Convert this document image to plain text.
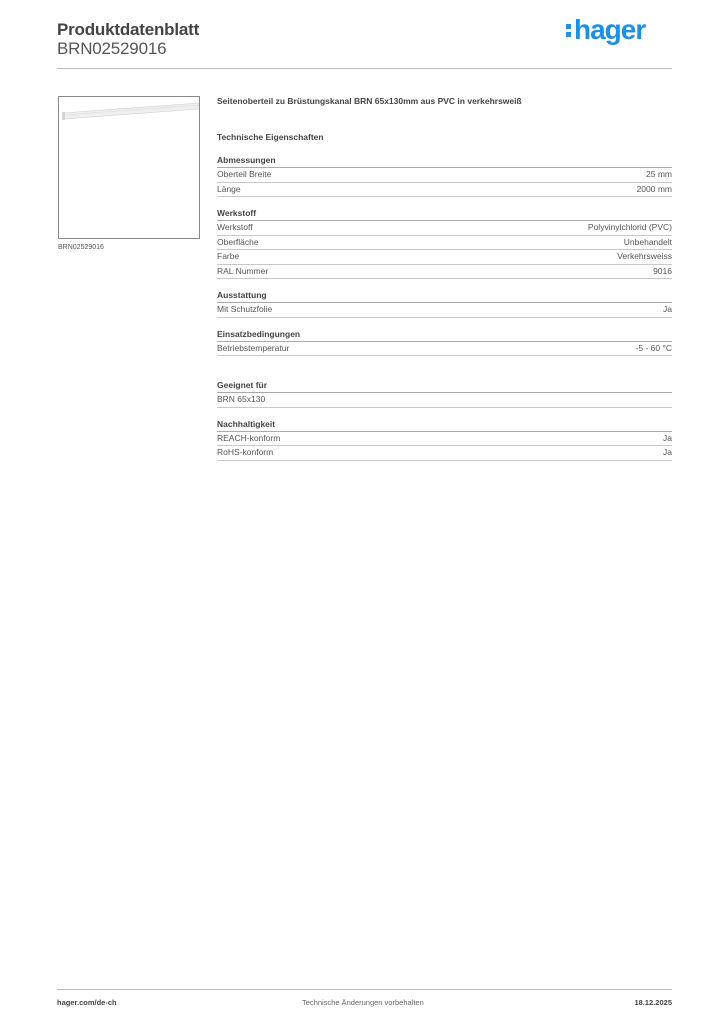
Produktdatenblatt
BRN02529016
hager
BRN02529016
Seitenoberteil zu Brüstungskanal BRN 65x130mm aus PVC in verkehrsweiß
Technische Eigenschaften
Abmessungen
Oberteil Breite	25 mm
Länge	2000 mm
Werkstoff
Werkstoff	Polyvinylchlorid (PVC)
Oberfläche	Unbehandelt
Farbe	Verkehrsweiss
RAL Nummer	9016
Ausstattung
Mit Schutzfolie	Ja
Einsatzbedingungen
Betriebstemperatur	-5 - 60 °C
Geeignet für
BRN 65x130
Nachhaltigkeit
REACH-konform	Ja
RoHS-konform	Ja
hager.com/de-ch	Technische Änderungen vorbehalten	18.12.2025
